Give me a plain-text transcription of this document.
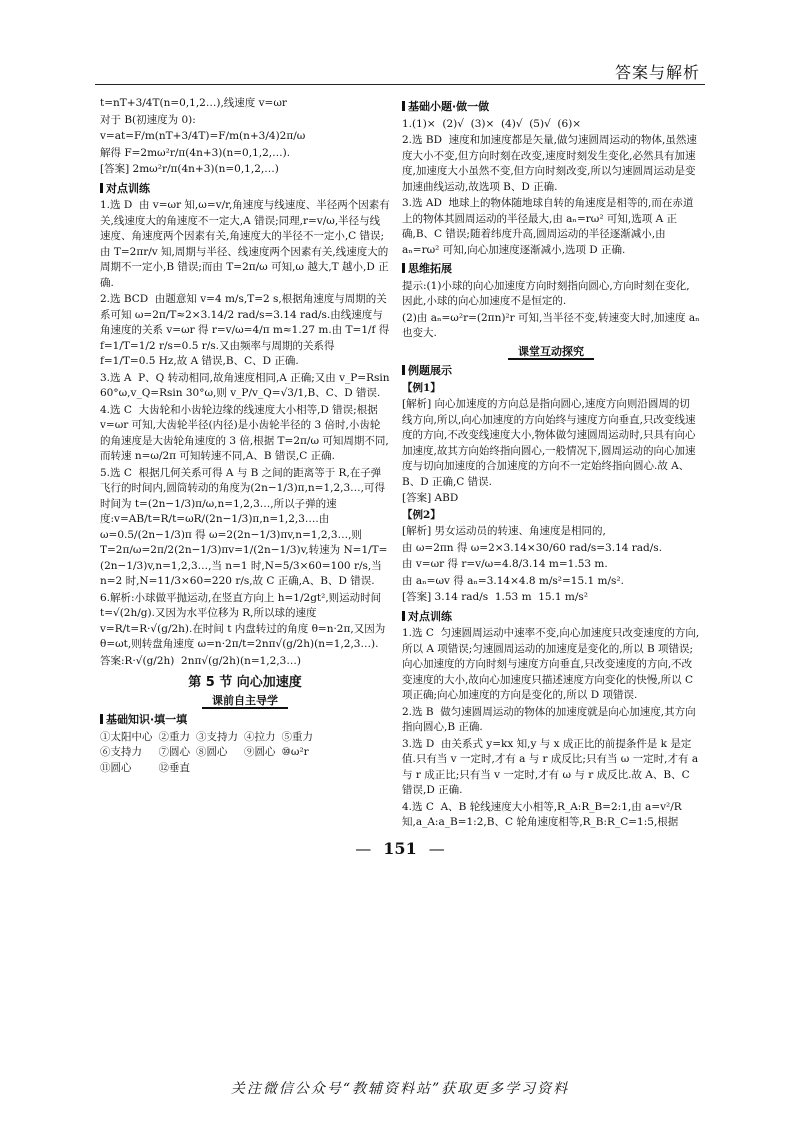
答案与解析

t=nT+3/4T(n=0,1,2…),线速度 v=ωr

对于 B(初速度为 0):

v=at=F/m(nT+3/4T)=F/m(n+3/4)2π/ω

解得 F=2mω²r/π(4n+3)(n=0,1,2,…).

[答案] 2mω²r/π(4n+3)(n=0,1,2,…)

对点训练

1.选 D  由 v=ωr 知,ω=v/r,角速度与线速度、半径两个因素有关,线速度大的角速度不一定大,A 错误;同理,r=v/ω,半径与线速度、角速度两个因素有关,角速度大的半径不一定小,C 错误;由 T=2πr/v 知,周期与半径、线速度两个因素有关,线速度大的周期不一定小,B 错误;而由 T=2π/ω 可知,ω 越大,T 越小,D 正确.

2.选 BCD  由题意知 v=4 m/s,T=2 s,根据角速度与周期的关系可知 ω=2π/T≈2×3.14/2 rad/s=3.14 rad/s.由线速度与角速度的关系 v=ωr 得 r=v/ω=4/π m≈1.27 m.由 T=1/f 得 f=1/T=1/2 r/s=0.5 r/s.又由频率与周期的关系得 f=1/T=0.5 Hz,故 A 错误,B、C、D 正确.

3.选 A  P、Q 转动相同,故角速度相同,A 正确;又由 v_P=Rsin 60°ω,v_Q=Rsin 30°ω,则 v_P/v_Q=√3/1,B、C、D 错误.

4.选 C  大齿轮和小齿轮边缘的线速度大小相等,D 错误;根据 v=ωr 可知,大齿轮半径(内径)是小齿轮半径的 3 倍时,小齿轮的角速度是大齿轮角速度的 3 倍,根据 T=2π/ω 可知周期不同,而转速 n=ω/2π 可知转速不同,A、B 错误,C 正确.

5.选 C  根据几何关系可得 A 与 B 之间的距离等于 R,在子弹飞行的时间内,圆筒转动的角度为(2n−1/3)π,n=1,2,3…,可得时间为 t=(2n−1/3)π/ω,n=1,2,3…,所以子弹的速度:v=AB/t=R/t=ωR/(2n−1/3)π,n=1,2,3….由 ω=0.5/(2n−1/3)π 得 ω=2(2n−1/3)πv,n=1,2,3…,则 T=2π/ω=2π/2(2n−1/3)πv=1/(2n−1/3)v,转速为 N=1/T=(2n−1/3)v,n=1,2,3…,当 n=1 时,N=5/3×60=100 r/s,当 n=2 时,N=11/3×60=220 r/s,故 C 正确,A、B、D 错误.

6.解析:小球做平抛运动,在竖直方向上 h=1/2gt²,则运动时间 t=√(2h/g).又因为水平位移为 R,所以球的速度 v=R/t=R·√(g/2h).在时间 t 内盘转过的角度 θ=n·2π,又因为 θ=ωt,则转盘角速度 ω=n·2π/t=2nπ√(g/2h)(n=1,2,3…).

答案:R·√(g/2h)  2nπ√(g/2h)(n=1,2,3…)

第 5 节 向心加速度
课前自主导学
基础知识·填一填
①太阳中心 ②重力 ③支持力 ④拉力 ⑤重力
⑥支持力	⑦圆心 ⑧圆心	⑨圆心 ⑩ω²r
⑪圆心	⑫垂直
基础小题·做一做

1.(1)×  (2)√  (3)×  (4)√  (5)√  (6)×

2.选 BD  速度和加速度都是矢量,做匀速圆周运动的物体,虽然速度大小不变,但方向时刻在改变,速度时刻发生变化,必然具有加速度,加速度大小虽然不变,但方向时刻改变,所以匀速圆周运动是变加速曲线运动,故选项 B、D 正确.

3.选 AD  地球上的物体随地球自转的角速度是相等的,而在赤道上的物体其圆周运动的半径最大,由 aₙ=rω² 可知,选项 A 正确,B、C 错误;随着纬度升高,圆周运动的半径逐渐减小,由 aₙ=rω² 可知,向心加速度逐渐减小,选项 D 正确.

思维拓展

提示:(1)小球的向心加速度方向时刻指向圆心,方向时刻在变化,因此,小球的向心加速度不是恒定的.

(2)由 aₙ=ω²r=(2πn)²r 可知,当半径不变,转速变大时,加速度 aₙ 也变大.

课堂互动探究
例题展示

【例1】

[解析] 向心加速度的方向总是指向圆心,速度方向则沿圆周的切线方向,所以,向心加速度的方向始终与速度方向垂直,只改变线速度的方向,不改变线速度大小,物体做匀速圆周运动时,只具有向心加速度,故其方向始终指向圆心,一般情况下,圆周运动的向心加速度与切向加速度的合加速度的方向不一定始终指向圆心.故 A、B、D 正确,C 错误.

[答案] ABD

【例2】

[解析] 男女运动员的转速、角速度是相同的,

由 ω=2πn 得 ω=2×3.14×30/60 rad/s=3.14 rad/s.

由 v=ωr 得 r=v/ω=4.8/3.14 m=1.53 m.

由 aₙ=ωv 得 aₙ=3.14×4.8 m/s²=15.1 m/s².

[答案] 3.14 rad/s  1.53 m  15.1 m/s²

对点训练

1.选 C  匀速圆周运动中速率不变,向心加速度只改变速度的方向,所以 A 项错误;匀速圆周运动的加速度是变化的,所以 B 项错误;向心加速度的方向时刻与速度方向垂直,只改变速度的方向,不改变速度的大小,故向心加速度只描述速度方向变化的快慢,所以 C 项正确;向心加速度的方向是变化的,所以 D 项错误.

2.选 B  做匀速圆周运动的物体的加速度就是向心加速度,其方向指向圆心,B 正确.

3.选 D  由关系式 y=kx 知,y 与 x 成正比的前提条件是 k 是定值.只有当 v 一定时,才有 a 与 r 成反比;只有当 ω 一定时,才有 a 与 r 成正比;只有当 v 一定时,才有 ω 与 r 成反比.故 A、B、C 错误,D 正确.

4.选 C  A、B 轮线速度大小相等,R_A:R_B=2:1,由 a=v²/R 知,a_A:a_B=1:2,B、C 轮角速度相等,R_B:R_C=1:5,根据

— 151 —
关注微信公众号“教辅资料站”获取更多学习资料
